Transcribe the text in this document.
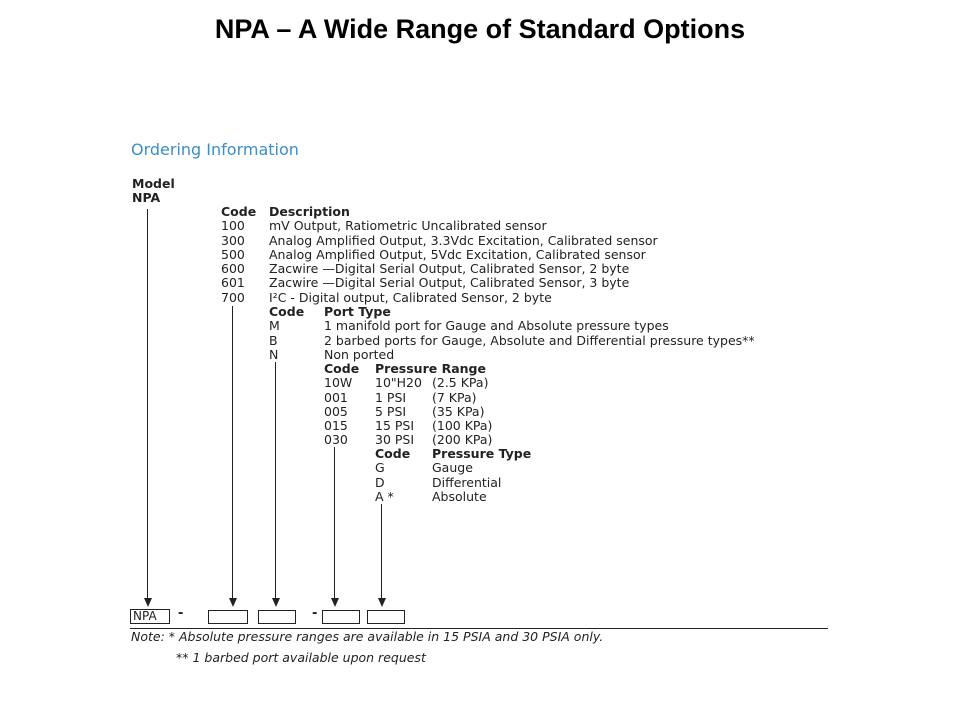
NPA – A Wide Range of Standard Options
Ordering Information
Model
NPA
Code
100
300
500
600
601
700
Description
mV Output, Ratiometric Uncalibrated sensor
Analog Amplified Output, 3.3Vdc Excitation, Calibrated sensor
Analog Amplified Output, 5Vdc Excitation, Calibrated sensor
Zacwire —Digital Serial Output, Calibrated Sensor, 2 byte
Zacwire —Digital Serial Output, Calibrated Sensor, 3 byte
I²C - Digital output, Calibrated Sensor, 2 byte
Code
M
B
N
Port Type
1 manifold port for Gauge and Absolute pressure types
2 barbed ports for Gauge, Absolute and Differential pressure types**
Non ported
Code
10W
001
005
015
030
Pressure Range
10"H20
1 PSI
5 PSI
15 PSI
30 PSI
(2.5 KPa)
(7 KPa)
(35 KPa)
(100 KPa)
(200 KPa)
Code
G
D
A *
Pressure Type
Gauge
Differential
Absolute
NPA	-	-
Note: * Absolute pressure ranges are available in 15 PSIA and 30 PSIA only.
** 1 barbed port available upon request
